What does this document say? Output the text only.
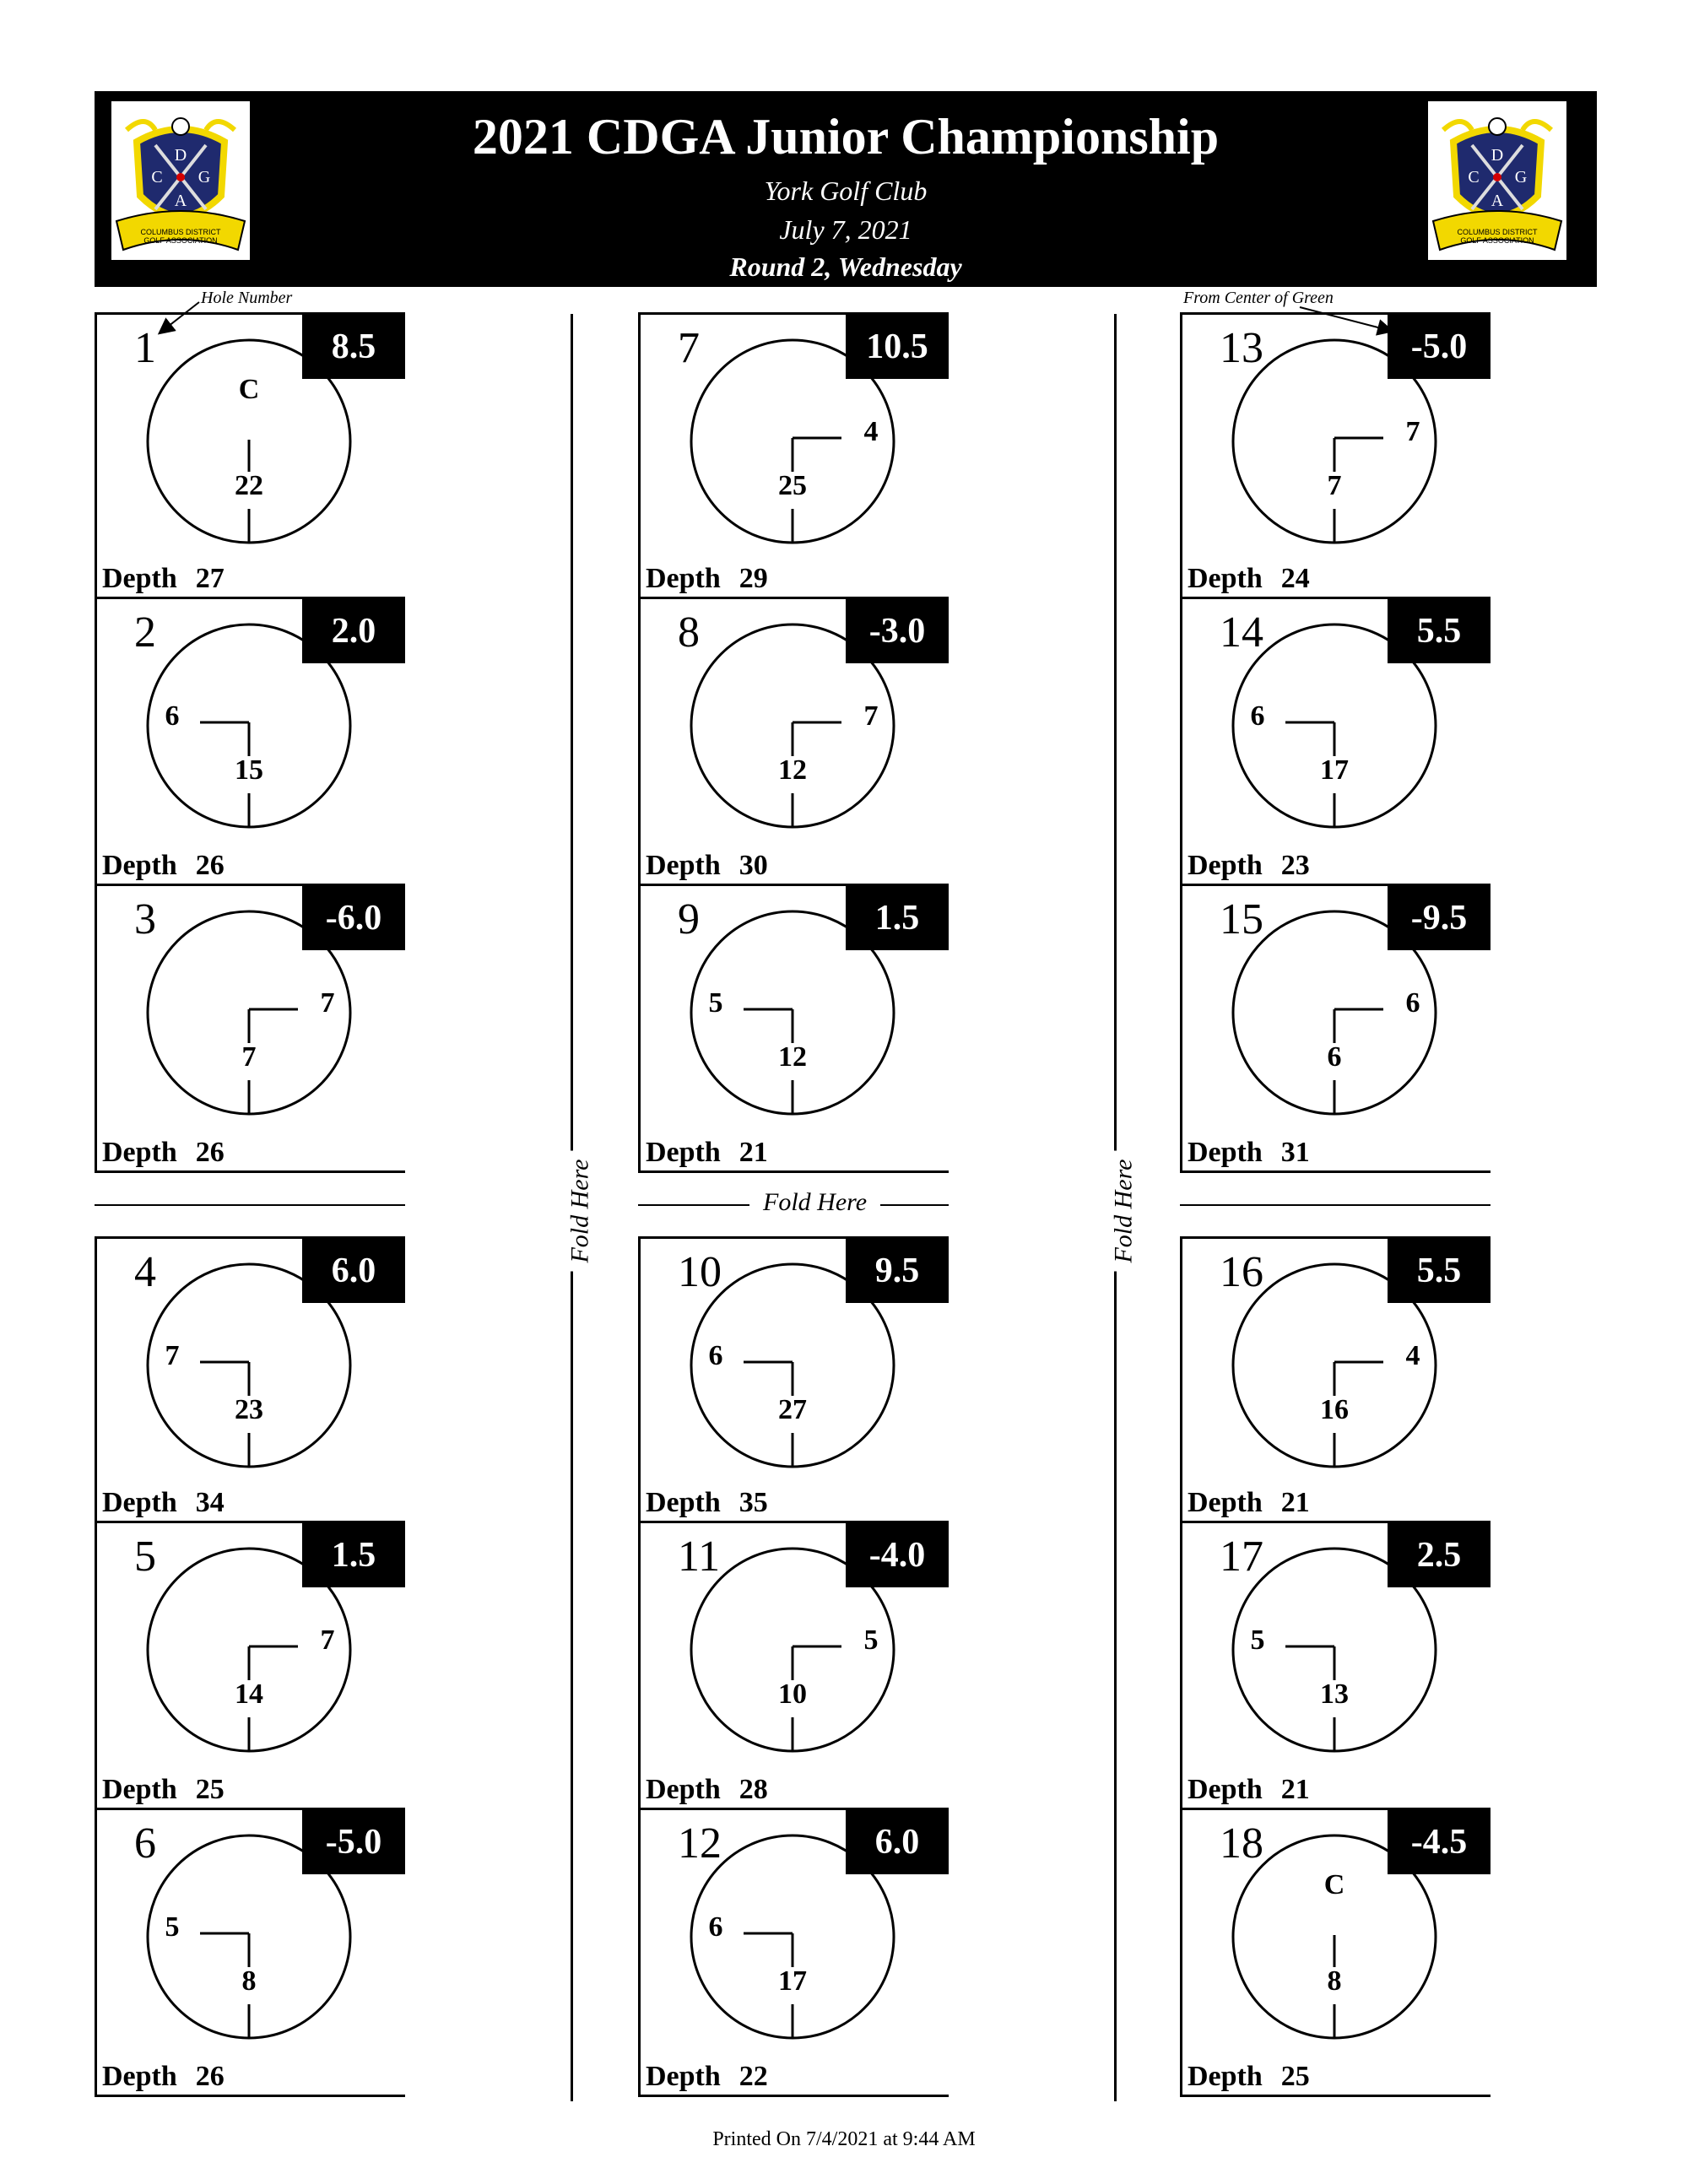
D
C G
A
COLUMBUS DISTRICT
GOLF ASSOCIATION
2021 CDGA Junior Championship
York Golf Club
July 7, 2021
Round 2, Wednesday
D
C G
A
COLUMBUS DISTRICT
GOLF ASSOCIATION
Hole Number	From Center of Green
C
22
1	8.5
Depth 27
6
15
2	2.0
Depth 26
7
7
3	-6.0
Depth 26
7
23
4	6.0
Depth 34
7
14
5	1.5
Depth 25
5
8
6	-5.0
Depth 26
4
25
7	10.5
Depth 29
7
12
8	-3.0
Depth 30
5
12
9	1.5
Depth 21
6
27
10	9.5
Depth 35
5
10
11	-4.0
Depth 28
6
17
12	6.0
Depth 22
7
7
13	-5.0
Depth 24
6
17
14	5.5
Depth 23
6
6
15	-9.5
Depth 31
4
16
16	5.5
Depth 21
5
13
17	2.5
Depth 21
C
8
18	-4.5
Depth 25
Fold Here	Fold Here
Fold Here
Printed On 7/4/2021 at 9:44 AM
